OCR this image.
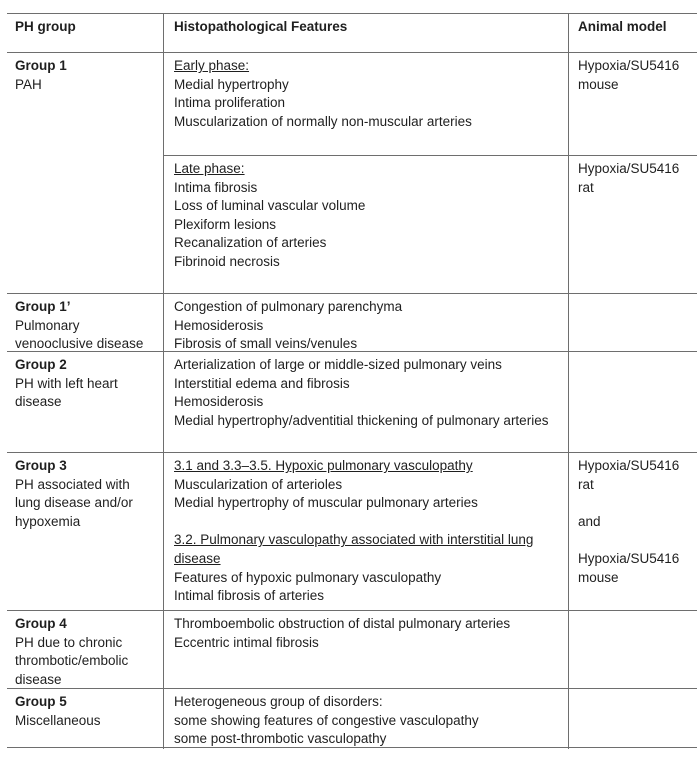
PH group	Histopathological Features	Animal model
Group 1
PAH
Early phase:
Medial hypertrophy
Intima proliferation
Muscularization of normally non-muscular arteries
Hypoxia/SU5416 mouse
Late phase:
Intima fibrosis
Loss of luminal vascular volume
Plexiform lesions
Recanalization of arteries
Fibrinoid necrosis
Hypoxia/SU5416 rat
Group 1’
Pulmonary venooclusive disease
Congestion of pulmonary parenchyma
Hemosiderosis
Fibrosis of small veins/venules
Group 2
PH with left heart disease
Arterialization of large or middle-sized pulmonary veins
Interstitial edema and fibrosis
Hemosiderosis
Medial hypertrophy/adventitial thickening of pulmonary arteries
Group 3
PH associated with lung disease and/or hypoxemia
3.1 and 3.3–3.5. Hypoxic pulmonary vasculopathy
Muscularization of arterioles
Medial hypertrophy of muscular pulmonary arteries
3.2. Pulmonary vasculopathy associated with interstitial lung disease
Features of hypoxic pulmonary vasculopathy
Intimal fibrosis of arteries
Hypoxia/SU5416 rat
and
Hypoxia/SU5416 mouse
Group 4
PH due to chronic thrombotic/embolic disease
Thromboembolic obstruction of distal pulmonary arteries
Eccentric intimal fibrosis
Group 5
Miscellaneous
Heterogeneous group of disorders:
some showing features of congestive vasculopathy
some post-thrombotic vasculopathy
